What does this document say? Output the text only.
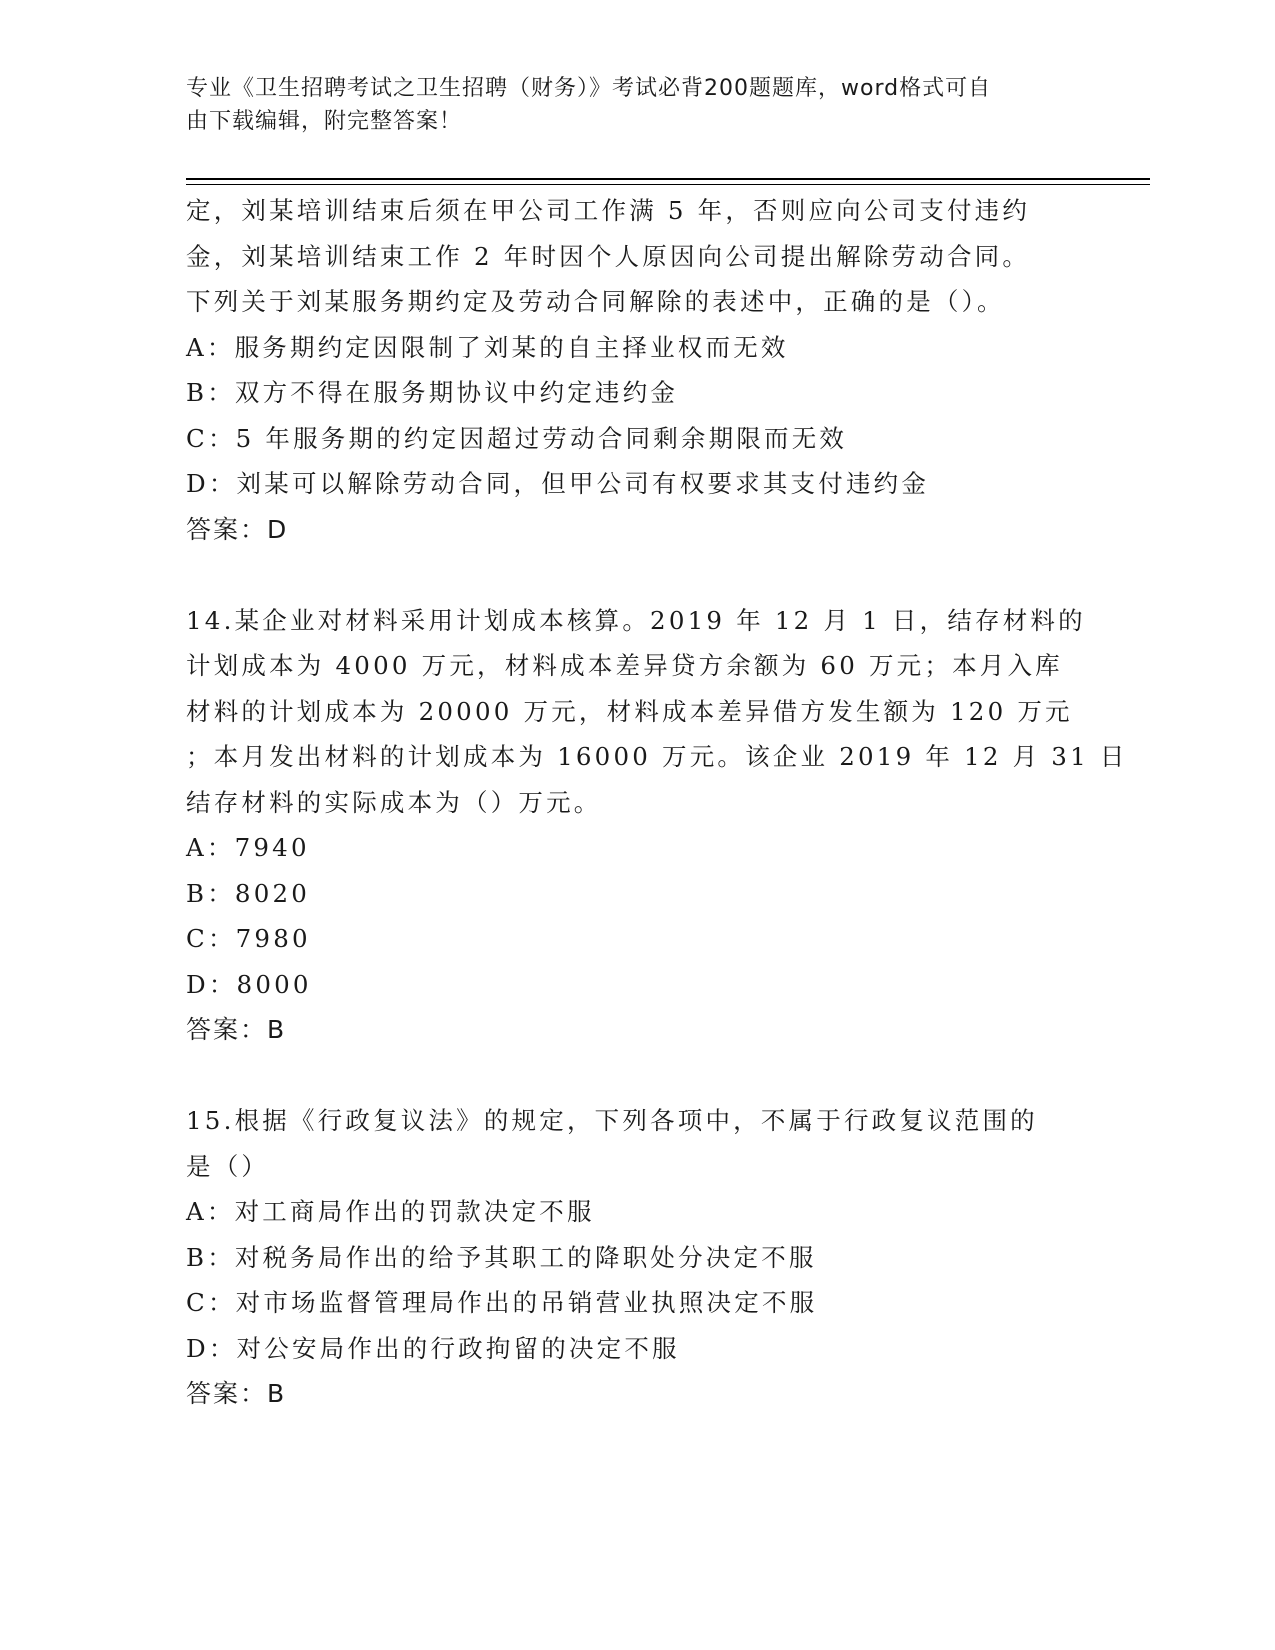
专业《卫生招聘考试之卫生招聘（财务）》考试必背200题题库，word格式可自
由下载编辑，附完整答案！
定，刘某培训结束后须在甲公司工作满 5 年，否则应向公司支付违约
金，刘某培训结束工作 2 年时因个人原因向公司提出解除劳动合同。
下列关于刘某服务期约定及劳动合同解除的表述中，正确的是（）。
A：服务期约定因限制了刘某的自主择业权而无效
B：双方不得在服务期协议中约定违约金
C：5 年服务期的约定因超过劳动合同剩余期限而无效
D：刘某可以解除劳动合同，但甲公司有权要求其支付违约金
答案：D
14.某企业对材料采用计划成本核算。2019 年 12 月 1 日，结存材料的
计划成本为 4000 万元，材料成本差异贷方余额为 60 万元；本月入库
材料的计划成本为 20000 万元，材料成本差异借方发生额为 120 万元
；本月发出材料的计划成本为 16000 万元。该企业 2019 年 12 月 31 日
结存材料的实际成本为（）万元。
A：7940
B：8020
C：7980
D：8000
答案：B
15.根据《行政复议法》的规定，下列各项中，不属于行政复议范围的
是（）
A：对工商局作出的罚款决定不服
B：对税务局作出的给予其职工的降职处分决定不服
C：对市场监督管理局作出的吊销营业执照决定不服
D：对公安局作出的行政拘留的决定不服
答案：B
